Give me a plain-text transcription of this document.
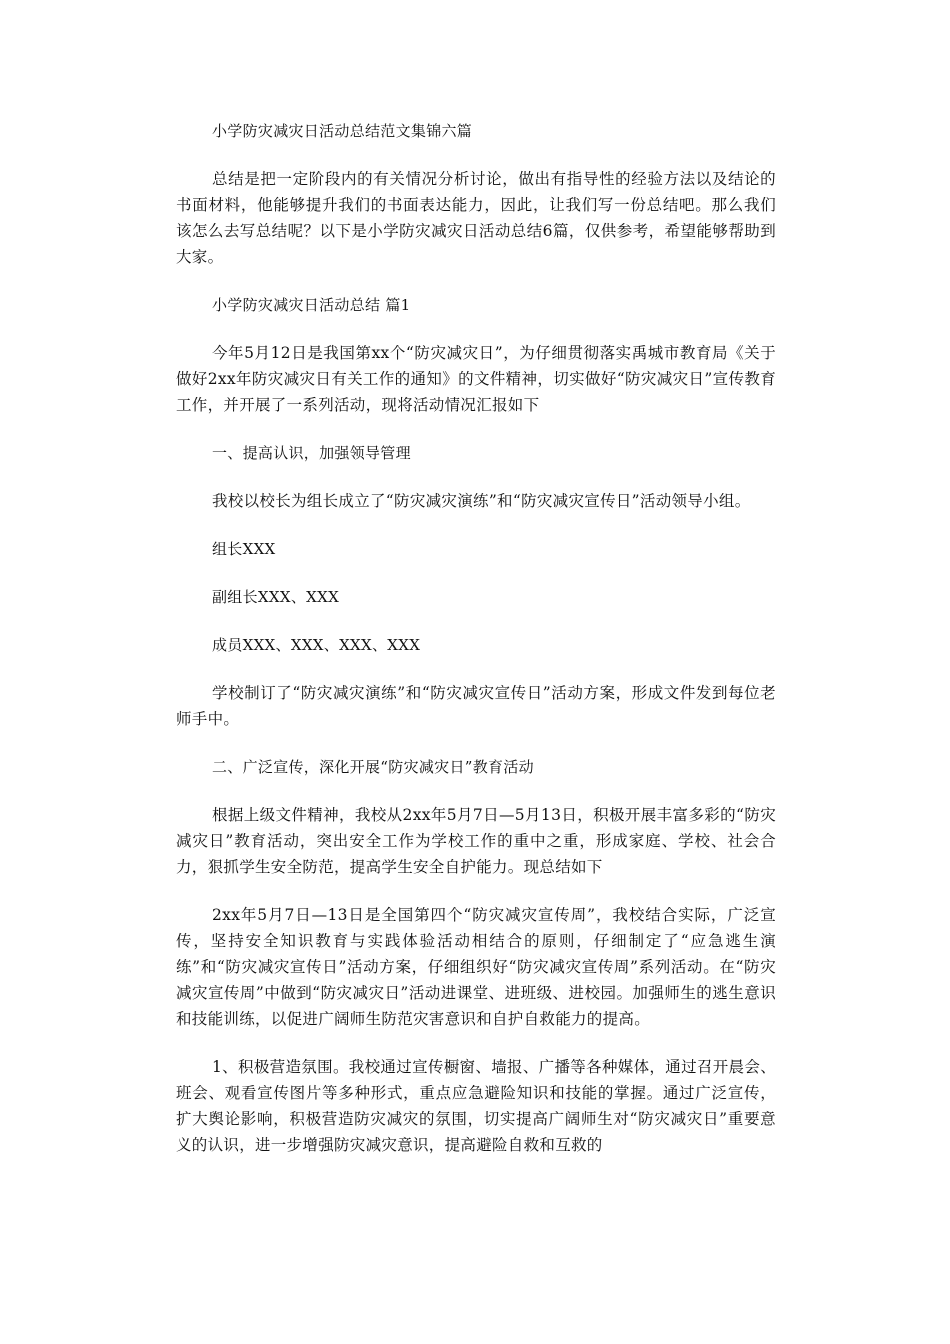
小学防灾减灾日活动总结范文集锦六篇
总结是把一定阶段内的有关情况分析讨论，做出有指导性的经验方法以及结论的书面材料，他能够提升我们的书面表达能力，因此，让我们写一份总结吧。那么我们该怎么去写总结呢？以下是小学防灾减灾日活动总结6篇，仅供参考，希望能够帮助到大家。
小学防灾减灾日活动总结 篇1
今年5月12日是我国第xx个“防灾减灾日”，为仔细贯彻落实禹城市教育局《关于做好2xx年防灾减灾日有关工作的通知》的文件精神，切实做好“防灾减灾日”宣传教育工作，并开展了一系列活动，现将活动情况汇报如下
一、提高认识，加强领导管理
我校以校长为组长成立了“防灾减灾演练”和“防灾减灾宣传日”活动领导小组。
组长XXX
副组长XXX、XXX
成员XXX、XXX、XXX、XXX
学校制订了“防灾减灾演练”和“防灾减灾宣传日”活动方案，形成文件发到每位老师手中。
二、广泛宣传，深化开展“防灾减灾日”教育活动
根据上级文件精神，我校从2xx年5月7日—5月13日，积极开展丰富多彩的“防灾减灾日”教育活动，突出安全工作为学校工作的重中之重，形成家庭、学校、社会合力，狠抓学生安全防范，提高学生安全自护能力。现总结如下
2xx年5月7日—13日是全国第四个“防灾减灾宣传周”，我校结合实际，广泛宣传，坚持安全知识教育与实践体验活动相结合的原则，仔细制定了“应急逃生演练”和“防灾减灾宣传日”活动方案，仔细组织好“防灾减灾宣传周”系列活动。在“防灾减灾宣传周”中做到“防灾减灾日”活动进课堂、进班级、进校园。加强师生的逃生意识和技能训练，以促进广阔师生防范灾害意识和自护自救能力的提高。
1、积极营造氛围。我校通过宣传橱窗、墙报、广播等各种媒体，通过召开晨会、班会、观看宣传图片等多种形式，重点应急避险知识和技能的掌握。通过广泛宣传，扩大舆论影响，积极营造防灾减灾的氛围，切实提高广阔师生对“防灾减灾日”重要意义的认识，进一步增强防灾减灾意识，提高避险自救和互救的
